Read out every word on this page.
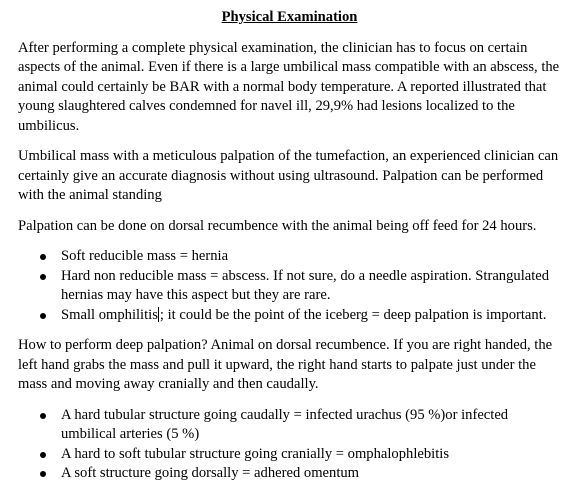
Physical Examination

After performing a complete physical examination, the clinician has to focus on certain aspects of the animal. Even if there is a large umbilical mass compatible with an abscess, the animal could certainly be BAR with a normal body temperature. A reported illustrated that young slaughtered calves condemned for navel ill, 29,9% had lesions localized to the umbilicus.

Umbilical mass with a meticulous palpation of the tumefaction, an experienced clinician can certainly give an accurate diagnosis without using ultrasound. Palpation can be performed with the animal standing

Palpation can be done on dorsal recumbence with the animal being off feed for 24 hours.

Soft reducible mass = hernia
Hard non reducible mass = abscess. If not sure, do a needle aspiration. Strangulated hernias may have this aspect but they are rare.
Small omphilitis ; it could be the point of the iceberg = deep palpation is important.

How to perform deep palpation? Animal on dorsal recumbence. If you are right handed, the left hand grabs the mass and pull it upward, the right hand starts to palpate just under the mass and moving away cranially and then caudally.

A hard tubular structure going caudally = infected urachus (95 %)or infected umbilical arteries (5 %)
A hard to soft tubular structure going cranially = omphalophlebitis
A soft structure going dorsally = adhered omentum
